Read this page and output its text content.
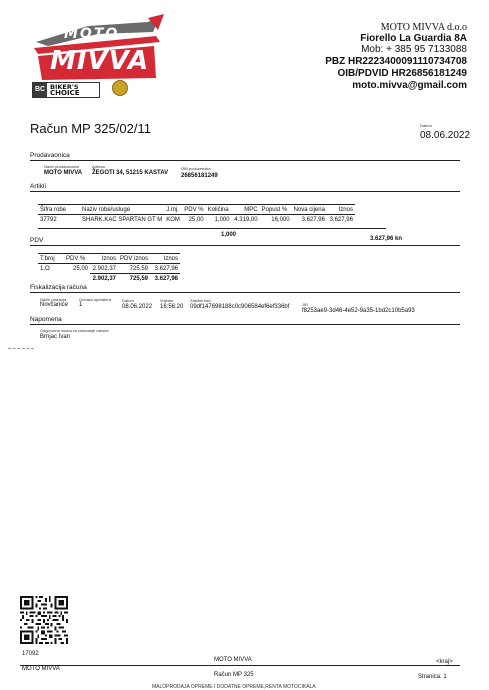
MOTO
MIVVA
BC BIKER'S
CHOICE
MOTO MIVVA d.o.o
Fiorello La Guardia 8A
Mob: + 385 95 7133088
PBZ HR2223400091110734708
OIB/PDVID HR26856181249
moto.mivva@gmail.com
Račun MP 325/02/11	Datum
08.06.2022
Prodavaonica
Naziv prodavaonice
MOTO MIVVA
Adresa
ŽEGOTI 34, 51215 KASTAV
OIB poduzetnika
26856181249
Artikli
Šifra robe	Naziv robe/usluge	J.mj.	PDV %	Količina	MPC	Popust %	Nova cijena	Iznos
37792	SHARK.KAC SPARTAN GT M	KOM	25,00	1,000	4.319,00	16,000	3.627,96	3.627,96
1,000
PDV	3.627,96 kn
T.broj	PDV %	Iznos	PDV iznos	Iznos
1.O	25,00	2.902,37	725,59	3.627,96
		2.902,37	725,59	3.627,96
Fiskalizacija računa
Način plaćanja
Novčanice
Oznaka operatera
1
Datum
08.06.2022
Vrijeme
16:56:20
Zaštitni kod
09df147698188c0c906584ef6ef336bf	JIR
f8253ae9-3d46-4e52-9a35-1bd2c10b5a93
Napomena
Odgovorna osoba za izdavanje računa
Brnjac Ivan
17092
MOTO MIVVA
MOTO MIVVA
<kraj>
Račun MP 325	Stranica: 1
MALOPRODAJA OPREME I DODATNE OPREME,RENTA MOTOCIKALA
